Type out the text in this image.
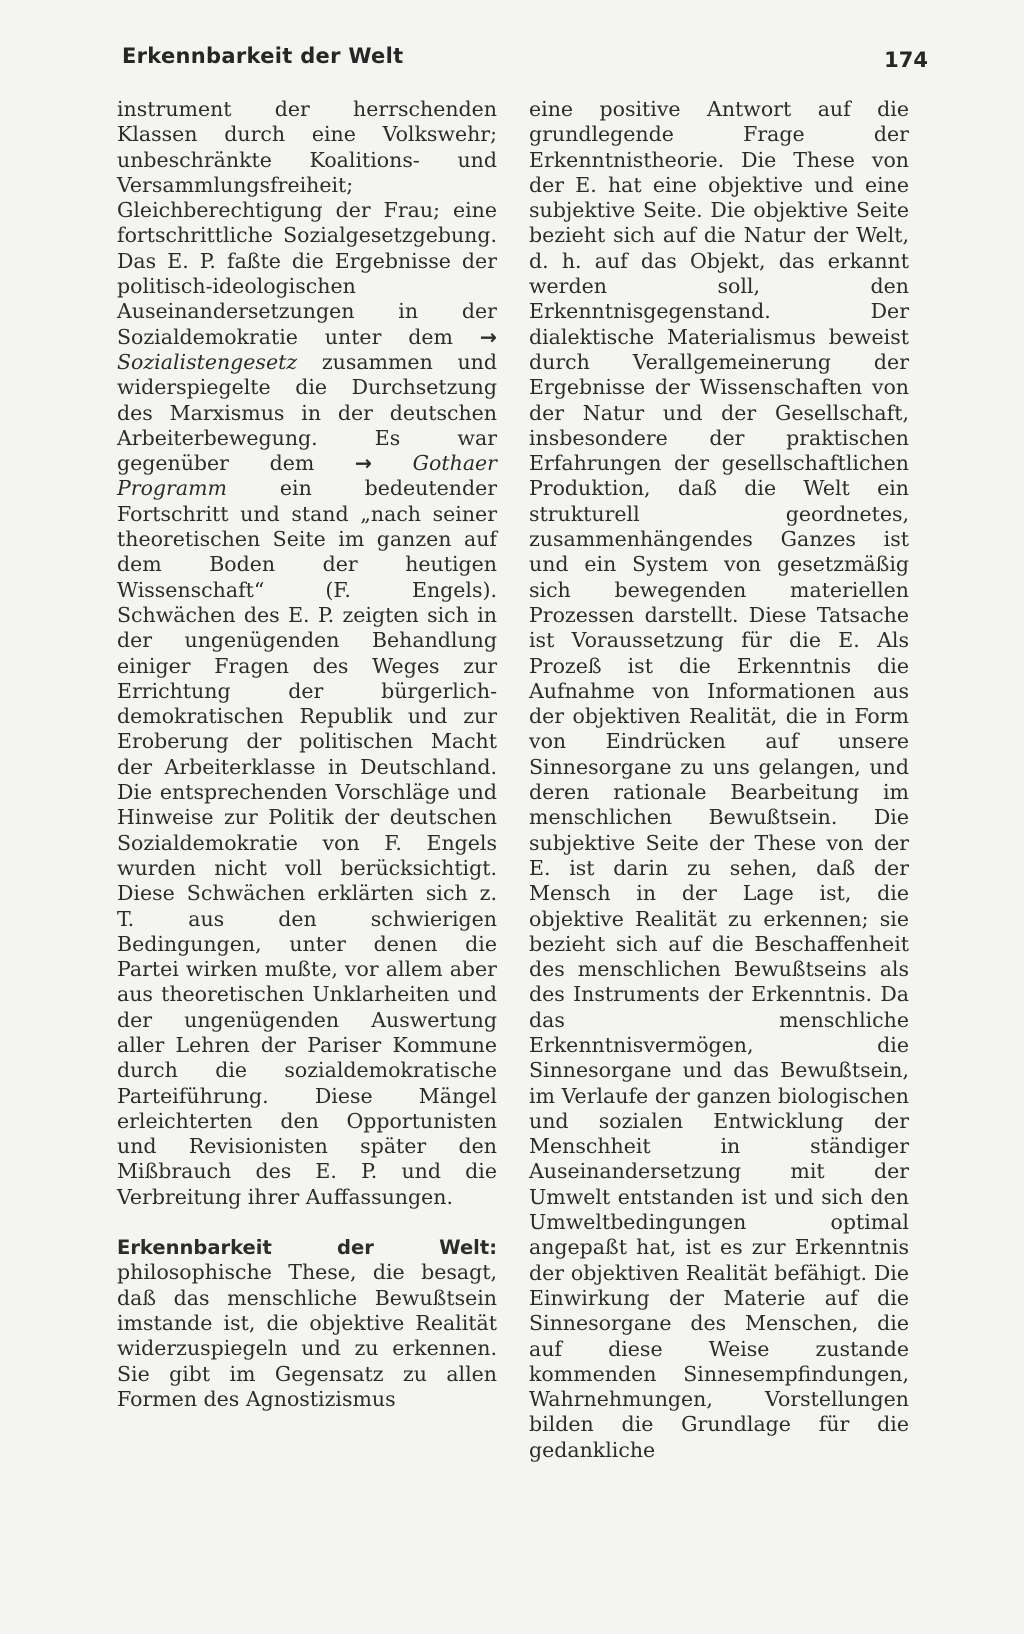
Erkennbarkeit der Welt	174

instrument der herrschenden Klassen durch eine Volkswehr; unbeschränkte Koalitions- und Versammlungsfreiheit; Gleichberechtigung der Frau; eine fortschrittliche Sozialgesetzgebung. Das E. P. faßte die Ergebnisse der politisch-ideologischen Auseinandersetzungen in der Sozialdemokratie unter dem → Sozialistengesetz zusammen und widerspiegelte die Durchsetzung des Marxismus in der deutschen Arbeiterbewegung. Es war gegenüber dem → Gothaer Programm	ein bedeutender Fortschritt und stand „nach seiner theoretischen Seite im ganzen auf dem Boden der heutigen Wissenschaft“ (F. Engels). Schwächen des E. P. zeigten sich in der ungenügenden Behandlung einiger Fragen des Weges zur Errichtung der bürgerlich-demokratischen Republik und zur Eroberung der politischen Macht der Arbeiterklasse in Deutschland. Die entsprechenden Vorschläge und Hinweise zur Politik der deutschen Sozialdemokratie von F. Engels wurden nicht voll berücksichtigt. Diese Schwächen erklärten sich z. T. aus den schwierigen Bedingungen, unter denen die Partei wirken mußte, vor allem aber aus theoretischen Unklarheiten und der ungenügenden Auswertung aller Lehren der Pariser Kommune durch die sozialdemokratische Parteiführung. Diese Mängel erleichterten den Opportunisten und Revisionisten später den Mißbrauch des E. P. und die Verbreitung ihrer Auffassungen.

Erkennbarkeit der Welt: philosophische These, die besagt, daß das menschliche Bewußtsein imstande ist, die objektive Realität widerzuspiegeln und zu erkennen. Sie gibt im Gegensatz zu allen Formen des Agnostizismus

eine positive Antwort auf die grundlegende Frage der Erkenntnistheorie. Die These von der E. hat eine objektive und eine subjektive Seite. Die objektive Seite bezieht sich auf die Natur der Welt, d. h. auf das Objekt, das erkannt werden soll, den Erkenntnisgegenstand. Der dialektische Materialismus beweist durch Verallgemeinerung der Ergebnisse der Wissenschaften von der Natur und der Gesellschaft, insbesondere der praktischen Erfahrungen der gesellschaftlichen Produktion, daß die Welt ein strukturell geordnetes, zusammenhängendes Ganzes ist und ein System von gesetzmäßig sich bewegenden materiellen Prozessen darstellt. Diese Tatsache ist Voraussetzung für die E. Als Prozeß ist die Erkenntnis die Aufnahme von Informationen aus der objektiven Realität, die in Form von Eindrücken auf unsere Sinnesorgane zu uns gelangen, und deren rationale Bearbeitung im menschlichen Bewußtsein. Die subjektive Seite der These von der E. ist darin zu sehen, daß der Mensch in der Lage ist, die objektive Realität zu erkennen; sie bezieht sich auf die Beschaffenheit des menschlichen Bewußtseins als des Instruments der Erkenntnis. Da das menschliche Erkenntnisvermögen, die Sinnesorgane und das Bewußtsein, im Verlaufe der ganzen biologischen und sozialen Entwicklung der Menschheit in ständiger Auseinandersetzung mit der Umwelt entstanden ist und sich den Umweltbedingungen optimal angepaßt hat, ist es zur Erkenntnis der objektiven Realität befähigt. Die Einwirkung der Materie auf die Sinnesorgane des Menschen, die auf diese Weise zustande kommenden Sinnesempfindungen, Wahrnehmungen, Vorstellungen bilden die Grundlage für die gedankliche
